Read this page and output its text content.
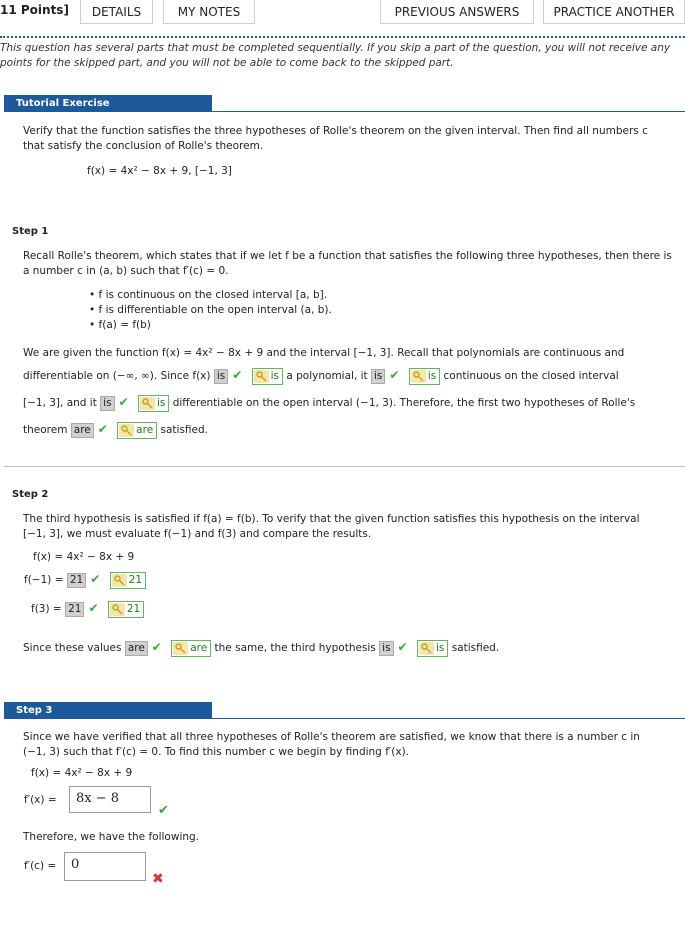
11 Points]	DETAILS	MY NOTES	PREVIOUS ANSWERS	PRACTICE ANOTHER
This question has several parts that must be completed sequentially. If you skip a part of the question, you will not receive any points for the skipped part, and you will not be able to come back to the skipped part.
Tutorial Exercise
Verify that the function satisfies the three hypotheses of Rolle's theorem on the given interval. Then find all numbers c that satisfy the conclusion of Rolle's theorem.
f(x) = 4x² − 8x + 9, [−1, 3]
Step 1
Recall Rolle's theorem, which states that if we let f be a function that satisfies the following three hypotheses, then there is a number c in (a, b) such that f′(c) = 0.
• f is continuous on the closed interval [a, b].
• f is differentiable on the open interval (a, b).
• f(a) = f(b)
We are given the function f(x) = 4x² − 8x + 9 and the interval [−1, 3]. Recall that polynomials are continuous and
differentiable on (−∞, ∞). Since f(x) is ✔	is a polynomial, it is ✔	is continuous on the closed interval
[−1, 3], and it is ✔	is differentiable on the open interval (−1, 3). Therefore, the first two hypotheses of Rolle's
theorem are ✔	are satisfied.
Step 2
The third hypothesis is satisfied if f(a) = f(b). To verify that the given function satisfies this hypothesis on the interval [−1, 3], we must evaluate f(−1) and f(3) and compare the results.
f(x) = 4x² − 8x + 9
f(−1) = 21 ✔	21
f(3) = 21 ✔	21
Since these values are ✔	are the same, the third hypothesis is ✔	is satisfied.
Step 3
Since we have verified that all three hypotheses of Rolle's theorem are satisfied, we know that there is a number c in (−1, 3) such that f′(c) = 0. To find this number c we begin by finding f′(x).
f(x) = 4x² − 8x + 9
f′(x) =	8x − 8
✔
Therefore, we have the following.
f′(c) =	0
✖
